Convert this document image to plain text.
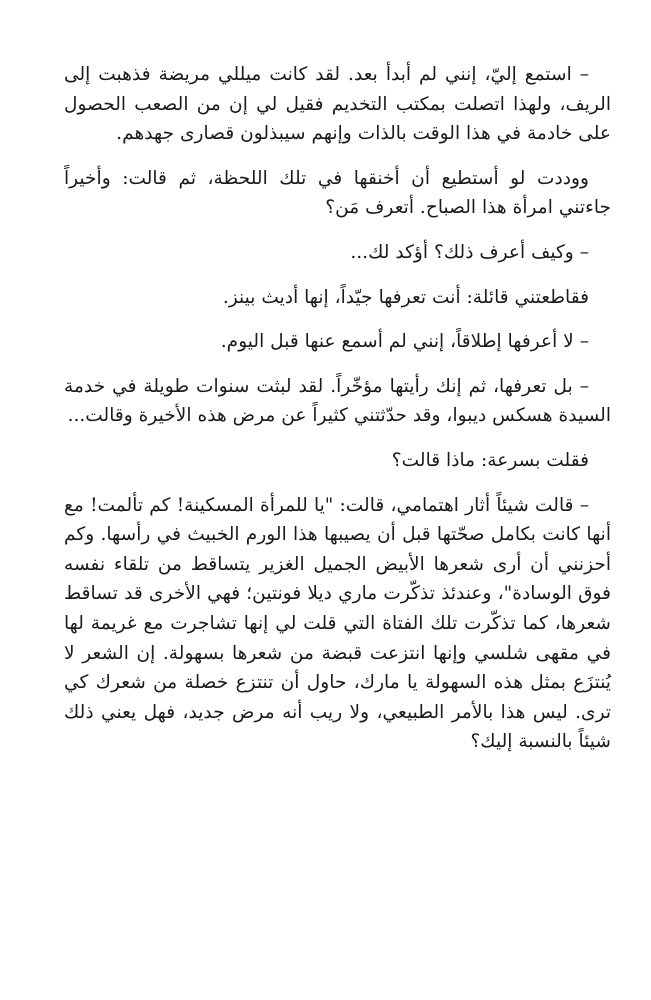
– استمع إليّ، إنني لم أبدأ بعد. لقد كانت ميللي مريضة فذهبت إلى الريف، ولهذا اتصلت بمكتب التخديم فقيل لي إن من الصعب الحصول على خادمة في هذا الوقت بالذات وإنهم سيبذلون قصارى جهدهم.

ووددت لو أستطيع أن أخنقها في تلك اللحظة، ثم قالت: وأخيراً جاءتني امرأة هذا الصباح. أتعرف مَن؟

– وكيف أعرف ذلك؟ أؤكد لك...

فقاطعتني قائلة: أنت تعرفها جيّداً، إنها أديث بينز.

– لا أعرفها إطلاقاً، إنني لم أسمع عنها قبل اليوم.

– بل تعرفها، ثم إنك رأيتها مؤخّراً. لقد لبثت سنوات طويلة في خدمة السيدة هسكس ديبوا، وقد حدّثتني كثيراً عن مرض هذه الأخيرة وقالت...

فقلت بسرعة: ماذا قالت؟

– قالت شيئاً أثار اهتمامي، قالت: "يا للمرأة المسكينة! كم تألمت! مع أنها كانت بكامل صحّتها قبل أن يصيبها هذا الورم الخبيث في رأسها. وكم أحزنني أن أرى شعرها الأبيض الجميل الغزير يتساقط من تلقاء نفسه فوق الوسادة"، وعندئذ تذكّرت ماري ديلا فونتين؛ فهي الأخرى قد تساقط شعرها، كما تذكّرت تلك الفتاة التي قلت لي إنها تشاجرت مع غريمة لها في مقهى شلسي وإنها انتزعت قبضة من شعرها بسهولة. إن الشعر لا يُنتزَع بمثل هذه السهولة يا مارك، حاول أن تنتزع خصلة من شعرك كي ترى. ليس هذا بالأمر الطبيعي، ولا ريب أنه مرض جديد، فهل يعني ذلك شيئاً بالنسبة إليك؟
